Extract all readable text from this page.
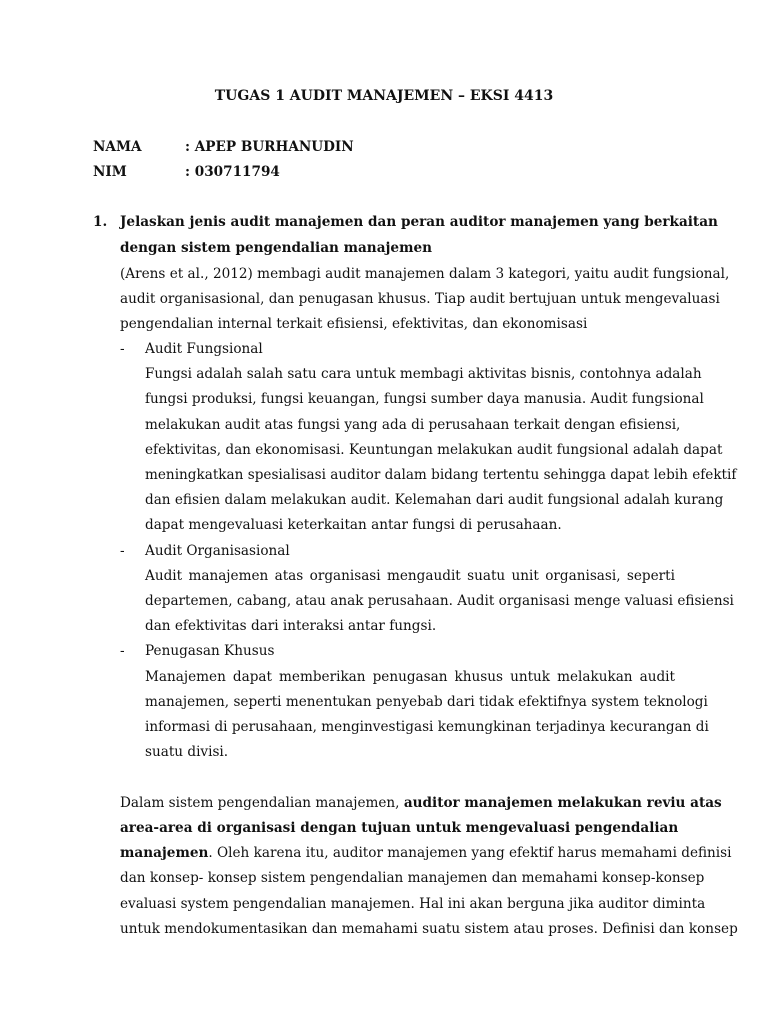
TUGAS 1 AUDIT MANAJEMEN – EKSI 4413
NAMA	: APEP BURHANUDIN
NIM	: 030711794
1. Jelaskan jenis audit manajemen dan peran auditor manajemen yang berkaitan
dengan sistem pengendalian manajemen
(Arens et al., 2012) membagi audit manajemen dalam 3 kategori, yaitu audit fungsional,
audit organisasional, dan penugasan khusus. Tiap audit bertujuan untuk mengevaluasi
pengendalian internal terkait efisiensi, efektivitas, dan ekonomisasi
- Audit Fungsional
Fungsi adalah salah satu cara untuk membagi aktivitas bisnis, contohnya adalah
fungsi produksi, fungsi keuangan, fungsi sumber daya manusia. Audit fungsional
melakukan audit atas fungsi yang ada di perusahaan terkait dengan efisiensi,
efektivitas, dan ekonomisasi. Keuntungan melakukan audit fungsional adalah dapat
meningkatkan spesialisasi auditor dalam bidang tertentu sehingga dapat lebih efektif
dan efisien dalam melakukan audit. Kelemahan dari audit fungsional adalah kurang
dapat mengevaluasi keterkaitan antar fungsi di perusahaan.
- Audit Organisasional
Audit manajemen atas organisasi mengaudit suatu unit organisasi, seperti
departemen, cabang, atau anak perusahaan. Audit organisasi menge valuasi efisiensi
dan efektivitas dari interaksi antar fungsi.
- Penugasan Khusus
Manajemen dapat memberikan penugasan khusus untuk melakukan audit
manajemen, seperti menentukan penyebab dari tidak efektifnya system teknologi
informasi di perusahaan, menginvestigasi kemungkinan terjadinya kecurangan di
suatu divisi.
Dalam sistem pengendalian manajemen, auditor manajemen melakukan reviu atas
area-area di organisasi dengan tujuan untuk mengevaluasi pengendalian
manajemen. Oleh karena itu, auditor manajemen yang efektif harus memahami definisi
dan konsep- konsep sistem pengendalian manajemen dan memahami konsep-konsep
evaluasi system pengendalian manajemen. Hal ini akan berguna jika auditor diminta
untuk mendokumentasikan dan memahami suatu sistem atau proses. Definisi dan konsep
